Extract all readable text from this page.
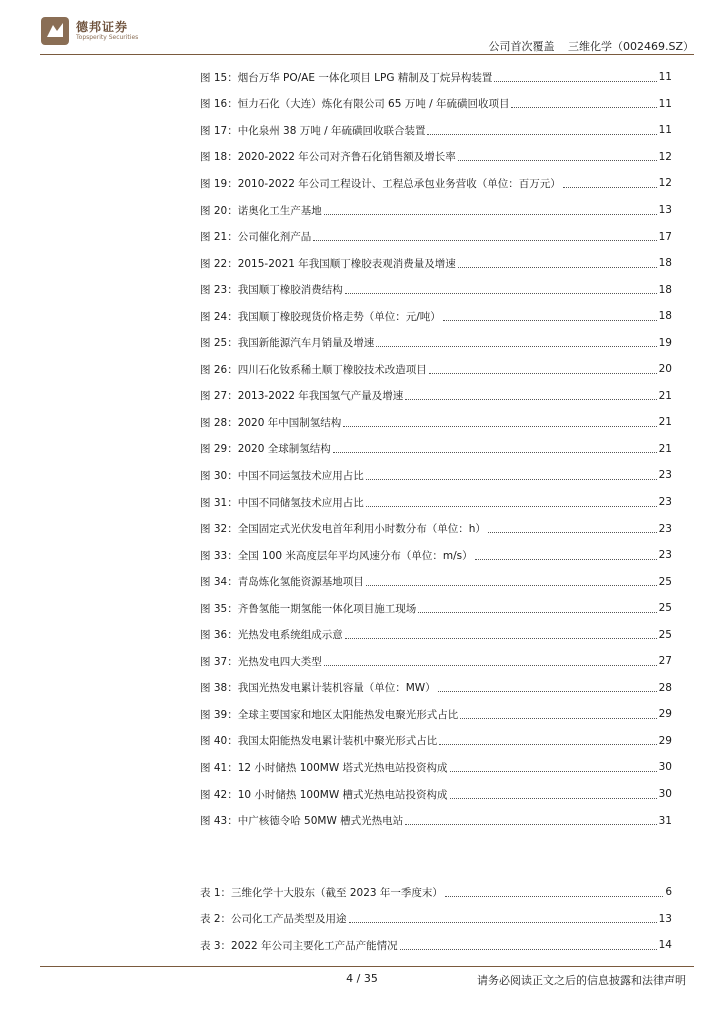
德邦证券
Topsperity Securities
公司首次覆盖 三维化学（002469.SZ）
图 15：烟台万华 PO/AE 一体化项目 LPG 精制及丁烷异构装置	11
图 16：恒力石化（大连）炼化有限公司 65 万吨 / 年硫磺回收项目	11
图 17：中化泉州 38 万吨 / 年硫磺回收联合装置	11
图 18：2020-2022 年公司对齐鲁石化销售额及增长率	12
图 19：2010-2022 年公司工程设计、工程总承包业务营收（单位：百万元）	12
图 20：诺奥化工生产基地	13
图 21：公司催化剂产品	17
图 22：2015-2021 年我国顺丁橡胶表观消费量及增速	18
图 23：我国顺丁橡胶消费结构	18
图 24：我国顺丁橡胶现货价格走势（单位：元/吨）	18
图 25：我国新能源汽车月销量及增速	19
图 26：四川石化钕系稀土顺丁橡胶技术改造项目	20
图 27：2013-2022 年我国氢气产量及增速	21
图 28：2020 年中国制氢结构	21
图 29：2020 全球制氢结构	21
图 30：中国不同运氢技术应用占比	23
图 31：中国不同储氢技术应用占比	23
图 32：全国固定式光伏发电首年利用小时数分布（单位：h）	23
图 33：全国 100 米高度层年平均风速分布（单位：m/s）	23
图 34：青岛炼化氢能资源基地项目	25
图 35：齐鲁氢能一期氢能一体化项目施工现场	25
图 36：光热发电系统组成示意	25
图 37：光热发电四大类型	27
图 38：我国光热发电累计装机容量（单位：MW）	28
图 39：全球主要国家和地区太阳能热发电聚光形式占比	29
图 40：我国太阳能热发电累计装机中聚光形式占比	29
图 41：12 小时储热 100MW 塔式光热电站投资构成	30
图 42：10 小时储热 100MW 槽式光热电站投资构成	30
图 43：中广核德令哈 50MW 槽式光热电站	31
表 1：三维化学十大股东（截至 2023 年一季度末）	6
表 2：公司化工产品类型及用途	13
表 3：2022 年公司主要化工产品产能情况	14
4 / 35	请务必阅读正文之后的信息披露和法律声明
